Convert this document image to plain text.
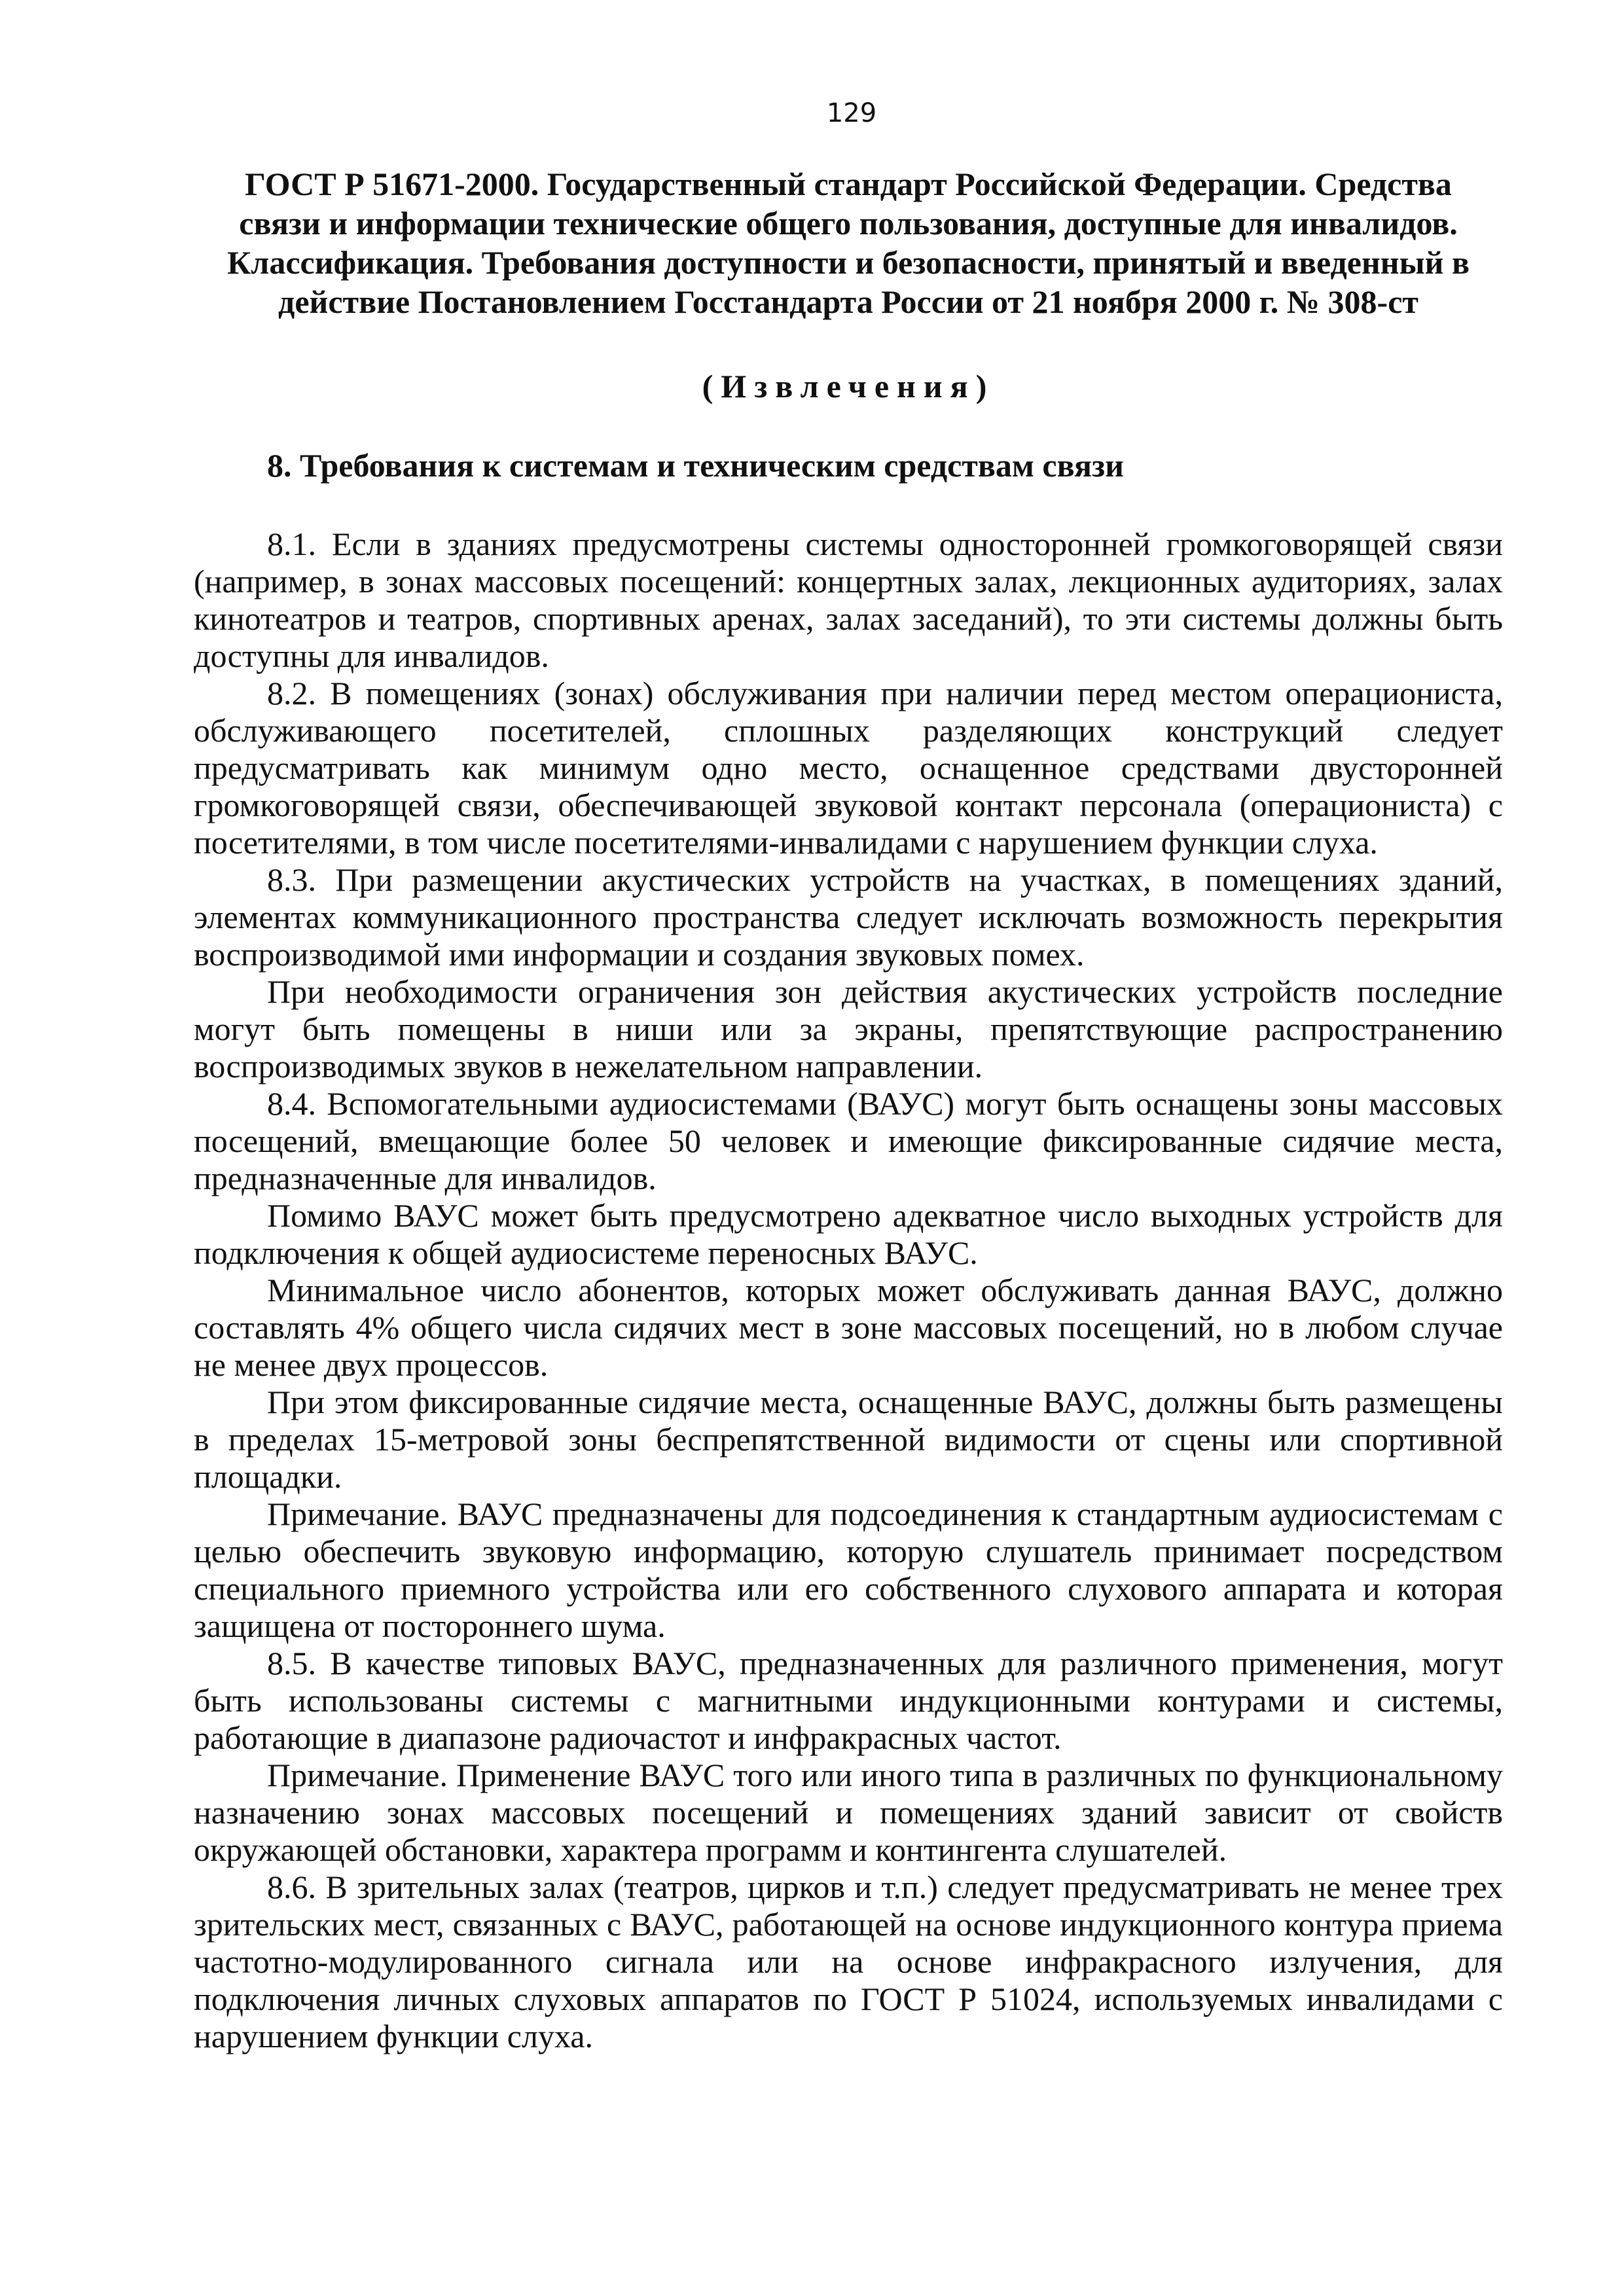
129
ГОСТ Р 51671-2000. Государственный стандарт Российской Федерации. Средства связи и информации технические общего пользования, доступные для инвалидов. Классификация. Требования доступности и безопасности, принятый и введенный в действие Постановлением Госстандарта России от 21 ноября 2000 г. № 308-ст
(Извлечения)
8. Требования к системам и техническим средствам связи

8.1. Если в зданиях предусмотрены системы односторонней громкоговорящей связи (например, в зонах массовых посещений: концертных залах, лекционных аудиториях, залах кинотеатров и театров, спортивных аренах, залах заседаний), то эти системы должны быть доступны для инвалидов.

8.2. В помещениях (зонах) обслуживания при наличии перед местом операциониста, обслуживающего посетителей, сплошных разделяющих конструкций следует предусматривать как минимум одно место, оснащенное средствами двусторонней громкоговорящей связи, обеспечивающей звуковой контакт персонала (операциониста) с посетителями, в том числе посетителями-инвалидами с нарушением функции слуха.

8.3. При размещении акустических устройств на участках, в помещениях зданий, элементах коммуникационного пространства следует исключать возможность перекрытия воспроизводимой ими информации и создания звуковых помех.

При необходимости ограничения зон действия акустических устройств последние могут быть помещены в ниши или за экраны, препятствующие распространению воспроизводимых звуков в нежелательном направлении.

8.4. Вспомогательными аудиосистемами (ВАУС) могут быть оснащены зоны массовых посещений, вмещающие более 50 человек и имеющие фиксированные сидячие места, предназначенные для инвалидов.

Помимо ВАУС может быть предусмотрено адекватное число выходных устройств для подключения к общей аудиосистеме переносных ВАУС.

Минимальное число абонентов, которых может обслуживать данная ВАУС, должно составлять 4% общего числа сидячих мест в зоне массовых посещений, но в любом случае не менее двух процессов.

При этом фиксированные сидячие места, оснащенные ВАУС, должны быть размещены в пределах 15-метровой зоны беспрепятственной видимости от сцены или спортивной площадки.

Примечание. ВАУС предназначены для подсоединения к стандартным аудиосистемам с целью обеспечить звуковую информацию, которую слушатель принимает посредством специального приемного устройства или его собственного слухового аппарата и которая защищена от постороннего шума.

8.5. В качестве типовых ВАУС, предназначенных для различного применения, могут быть использованы системы с магнитными индукционными контурами и системы, работающие в диапазоне радиочастот и инфракрасных частот.

Примечание. Применение ВАУС того или иного типа в различных по функциональному назначению зонах массовых посещений и помещениях зданий зависит от свойств окружающей обстановки, характера программ и контингента слушателей.

8.6. В зрительных залах (театров, цирков и т.п.) следует предусматривать не менее трех зрительских мест, связанных с ВАУС, работающей на основе индукционного контура приема частотно-модулированного сигнала или на основе инфракрасного излучения, для подключения личных слуховых аппаратов по ГОСТ Р 51024, используемых инвалидами с нарушением функции слуха.
